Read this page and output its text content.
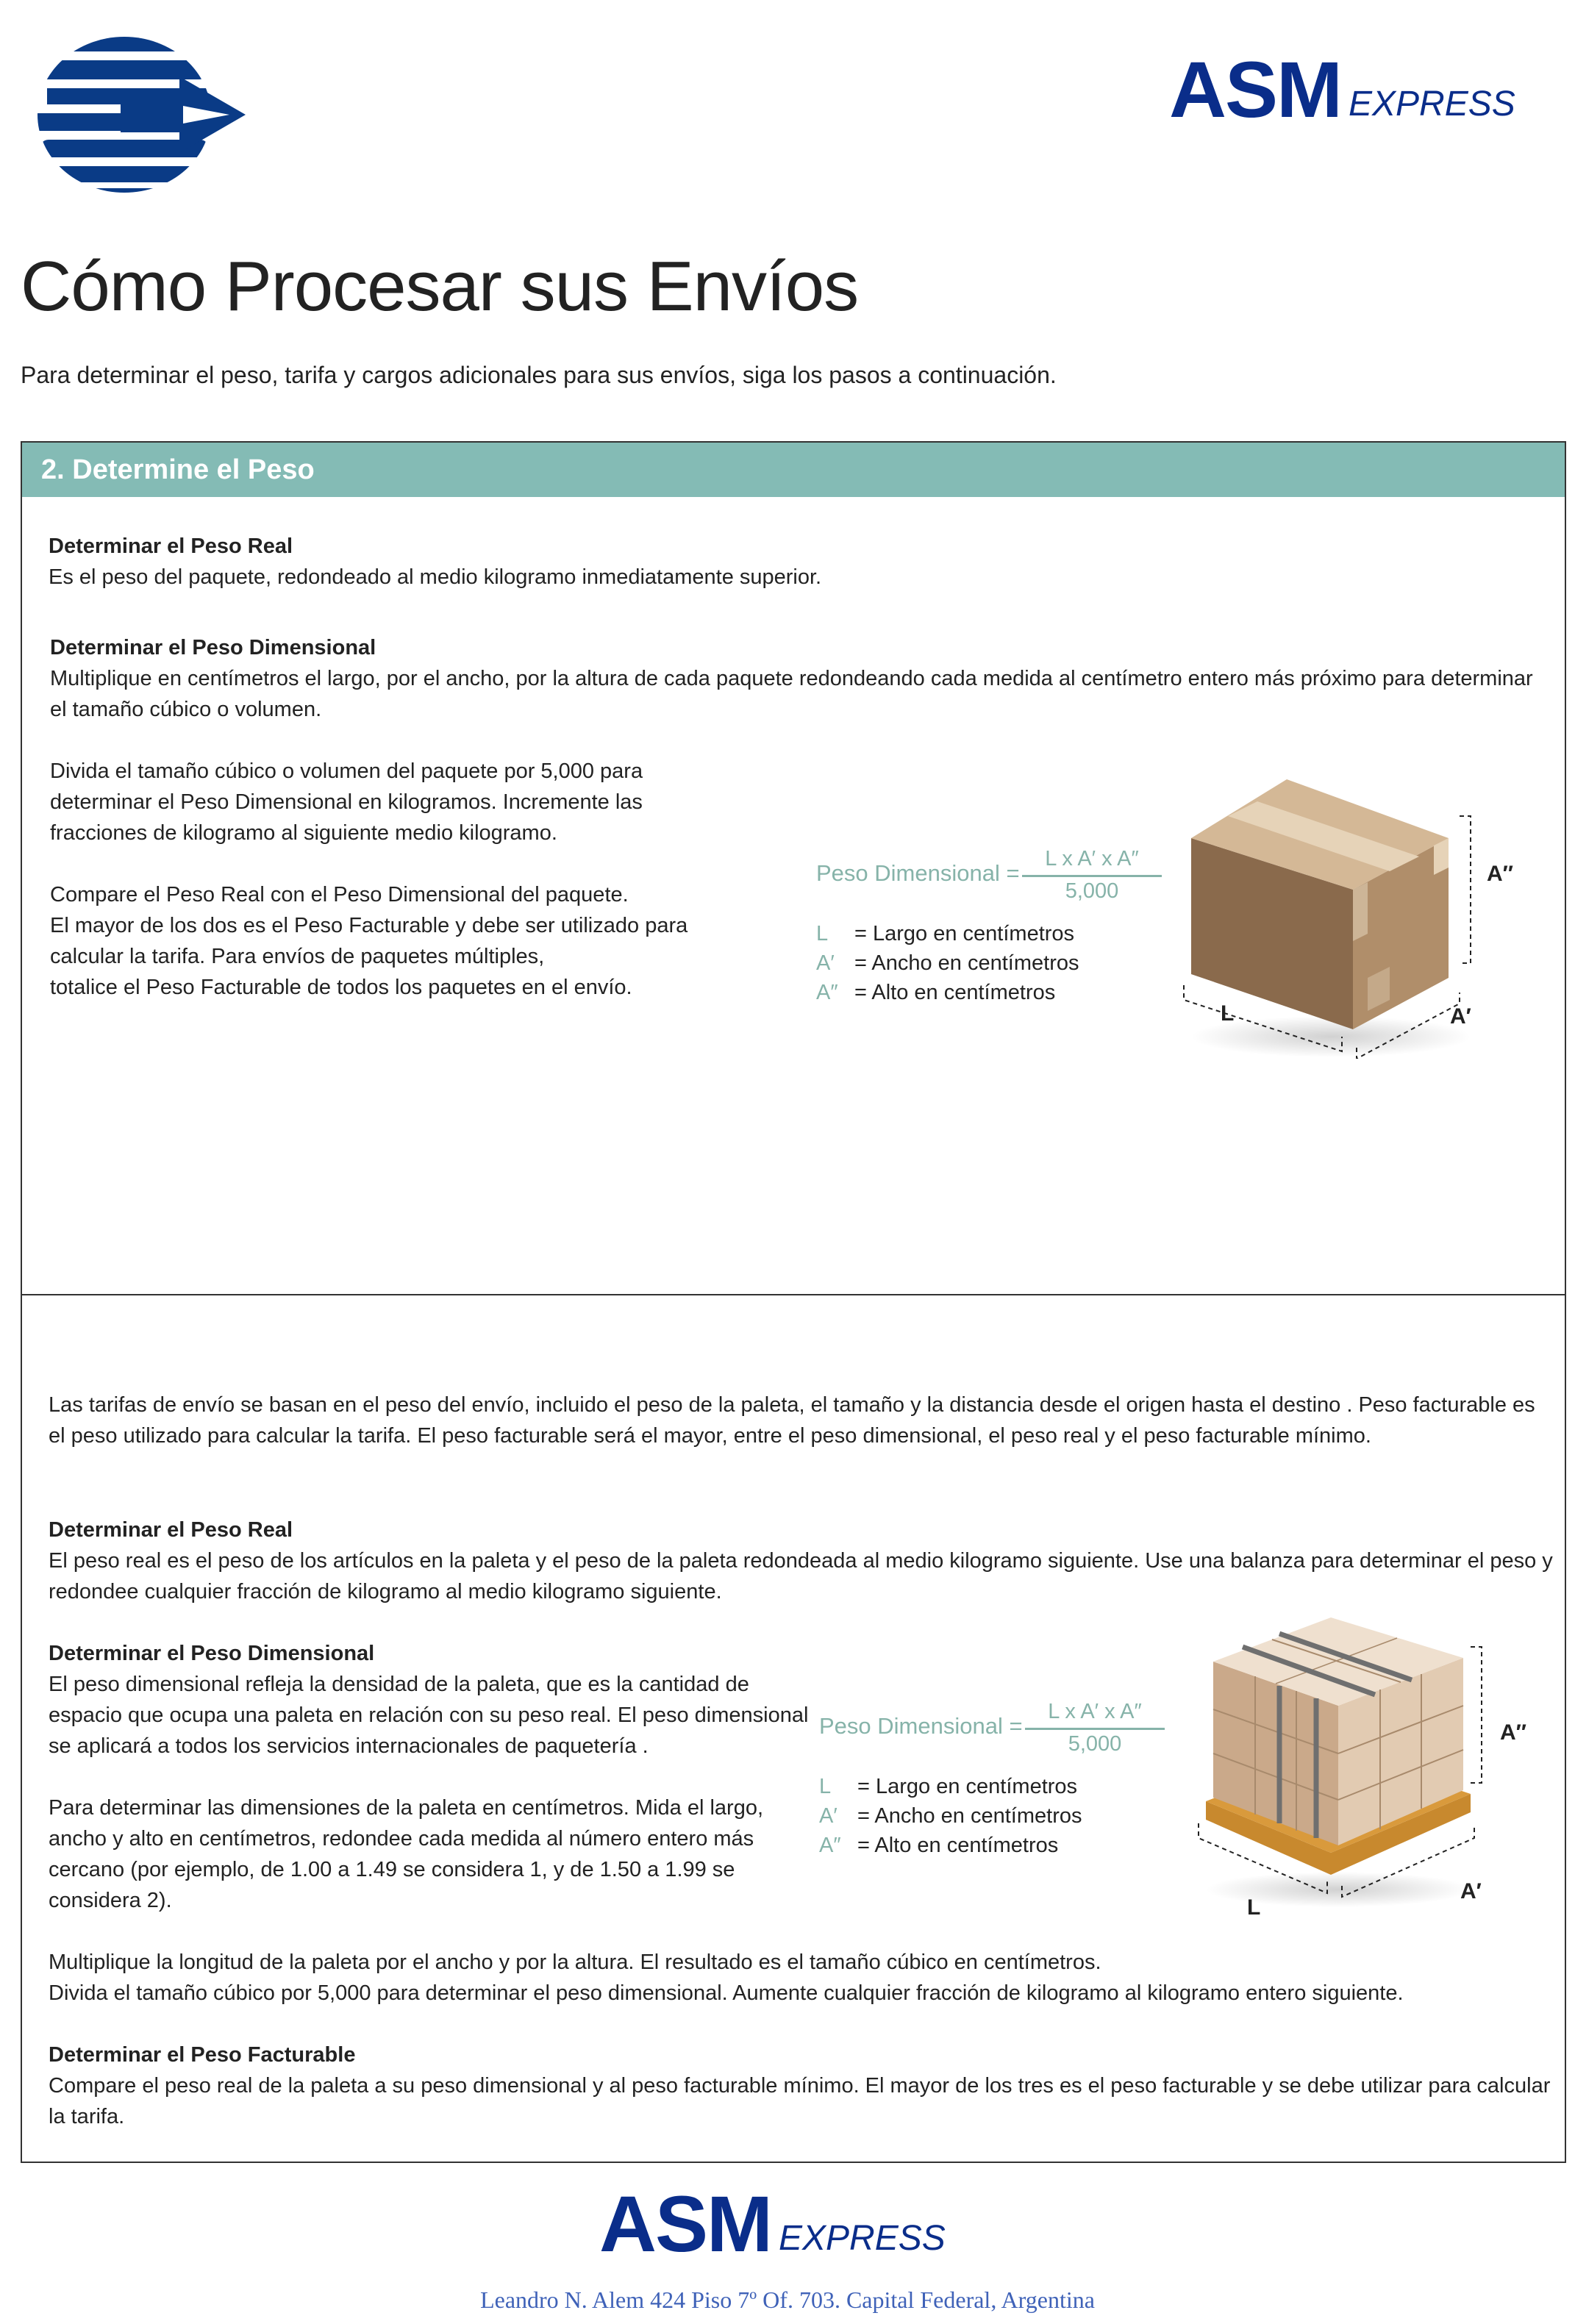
ASM EXPRESS
Cómo Procesar sus Envíos
Para determinar el peso, tarifa y cargos adicionales para sus envíos, siga los pasos a continuación.
2. Determine el Peso
Determinar el Peso Real
Es el peso del paquete, redondeado al medio kilogramo inmediatamente superior.
Determinar el Peso Dimensional
Multiplique en centímetros el largo, por el ancho, por la altura de cada paquete redondeando cada medida al centímetro entero más próximo para determinar
el tamaño cúbico o volumen.
Divida el tamaño cúbico o volumen del paquete por 5,000 para
determinar el Peso Dimensional en kilogramos. Incremente las
fracciones de kilogramo al siguiente medio kilogramo.
Compare el Peso Real con el Peso Dimensional del paquete.
El mayor de los dos es el Peso Facturable y debe ser utilizado para
calcular la tarifa. Para envíos de paquetes múltiples,
totalice el Peso Facturable de todos los paquetes en el envío.
Peso Dimensional =
L x A′ x A″
5,000
L = Largo en centímetros
A′ = Ancho en centímetros
A″ = Alto en centímetros
L	A′
A″
Las tarifas de envío se basan en el peso del envío, incluido el peso de la paleta, el tamaño y la distancia desde el origen hasta el destino . Peso facturable es
el peso utilizado para calcular la tarifa. El peso facturable será el mayor, entre el peso dimensional, el peso real y el peso facturable mínimo.
Determinar el Peso Real
El peso real es el peso de los artículos en la paleta y el peso de la paleta redondeada al medio kilogramo siguiente. Use una balanza para determinar el peso y
redondee cualquier fracción de kilogramo al medio kilogramo siguiente.
Determinar el Peso Dimensional
El peso dimensional refleja la densidad de la paleta, que es la cantidad de
espacio que ocupa una paleta en relación con su peso real. El peso dimensional
se aplicará a todos los servicios internacionales de paquetería .
Para determinar las dimensiones de la paleta en centímetros. Mida el largo,
ancho y alto en centímetros, redondee cada medida al número entero más
cercano (por ejemplo, de 1.00 a 1.49 se considera 1, y de 1.50 a 1.99 se
considera 2).
Multiplique la longitud de la paleta por el ancho y por la altura. El resultado es el tamaño cúbico en centímetros.
Divida el tamaño cúbico por 5,000 para determinar el peso dimensional. Aumente cualquier fracción de kilogramo al kilogramo entero siguiente.
Determinar el Peso Facturable
Compare el peso real de la paleta a su peso dimensional y al peso facturable mínimo. El mayor de los tres es el peso facturable y se debe utilizar para calcular
la tarifa.
Peso Dimensional =
L x A′ x A″
5,000
L = Largo en centímetros
A′ = Ancho en centímetros
A″ = Alto en centímetros
L
A′
A″
ASM EXPRESS
Leandro N. Alem 424 Piso 7º Of. 703. Capital Federal, Argentina
